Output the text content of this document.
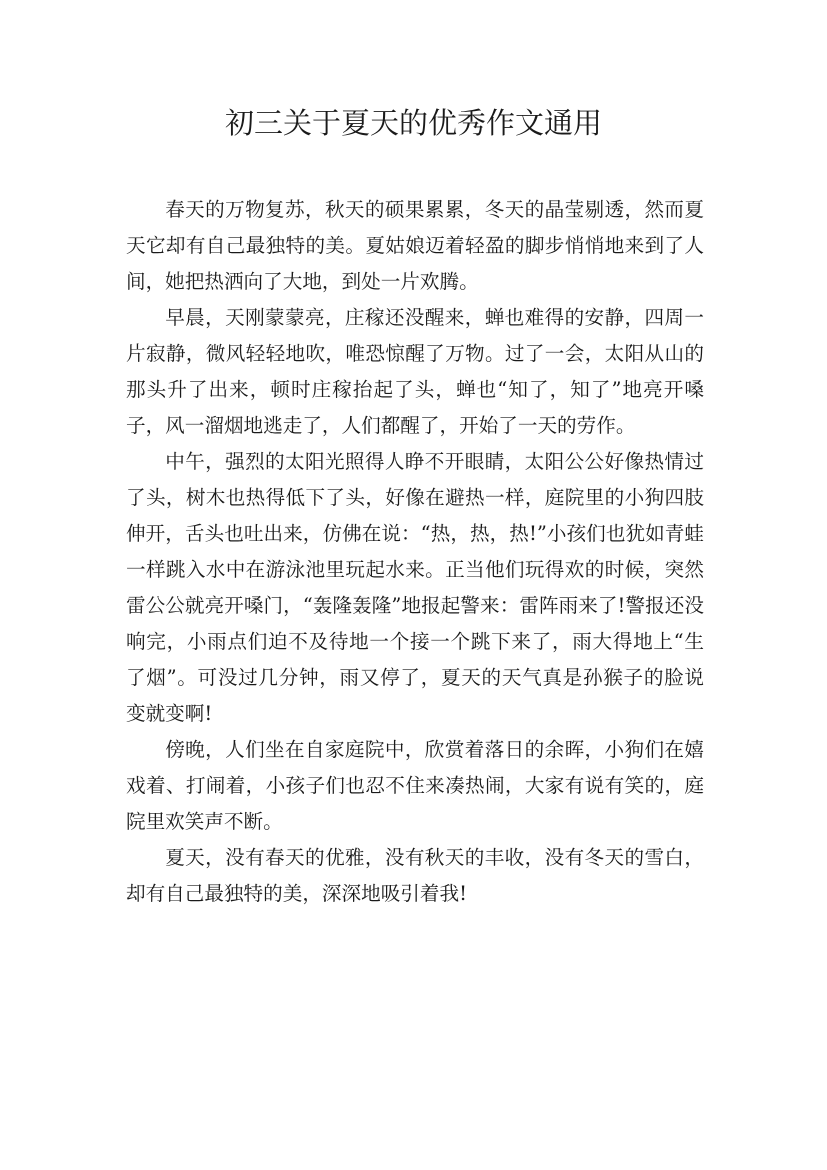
初三关于夏天的优秀作文通用

春天的万物复苏，秋天的硕果累累，冬天的晶莹剔透，然而夏天它却有自己最独特的美。夏姑娘迈着轻盈的脚步悄悄地来到了人间，她把热洒向了大地，到处一片欢腾。

早晨，天刚蒙蒙亮，庄稼还没醒来，蝉也难得的安静，四周一片寂静，微风轻轻地吹，唯恐惊醒了万物。过了一会，太阳从山的那头升了出来，顿时庄稼抬起了头，蝉也“知了，知了”地亮开嗓子，风一溜烟地逃走了，人们都醒了，开始了一天的劳作。

中午，强烈的太阳光照得人睁不开眼睛，太阳公公好像热情过了头，树木也热得低下了头，好像在避热一样，庭院里的小狗四肢伸开，舌头也吐出来，仿佛在说：“热，热，热!”小孩们也犹如青蛙一样跳入水中在游泳池里玩起水来。正当他们玩得欢的时候，突然雷公公就亮开嗓门，“轰隆轰隆”地报起警来：雷阵雨来了!警报还没响完，小雨点们迫不及待地一个接一个跳下来了，雨大得地上“生了烟”。可没过几分钟，雨又停了，夏天的天气真是孙猴子的脸说变就变啊!

傍晚，人们坐在自家庭院中，欣赏着落日的余晖，小狗们在嬉戏着、打闹着，小孩子们也忍不住来凑热闹，大家有说有笑的，庭院里欢笑声不断。

夏天，没有春天的优雅，没有秋天的丰收，没有冬天的雪白，却有自己最独特的美，深深地吸引着我!
